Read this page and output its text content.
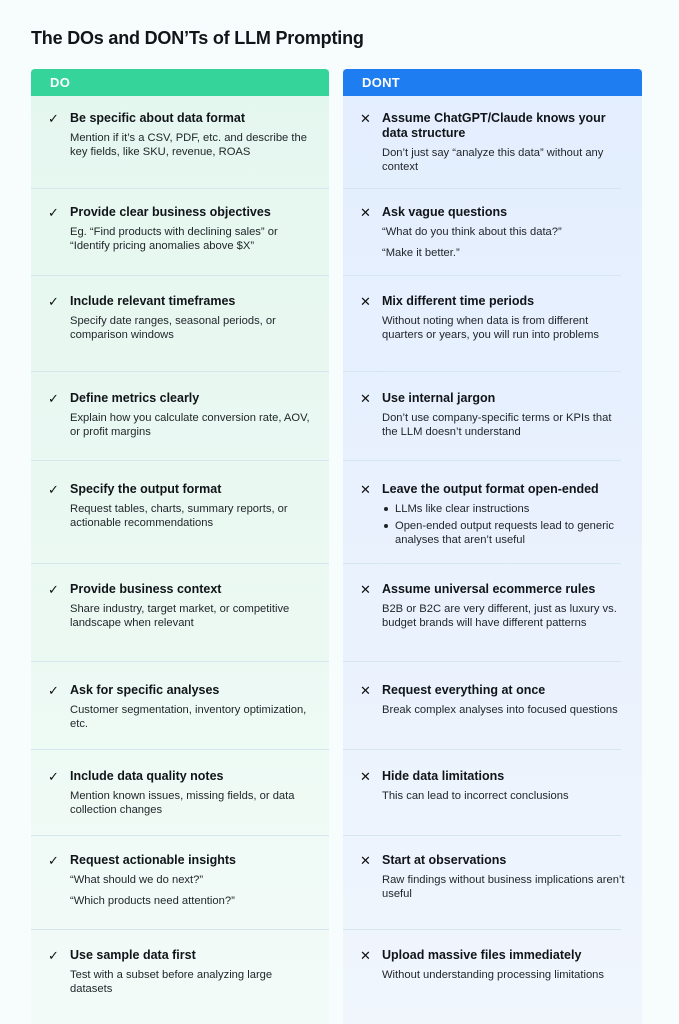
The DOs and DON’Ts of LLM Prompting
DO	DONT
✓ Be specific about data format
Mention if it’s a CSV, PDF, etc. and describe the key fields, like SKU, revenue, ROAS
✓ Provide clear business objectives
Eg. “Find products with declining sales” or “Identify pricing anomalies above $X”
✓ Include relevant timeframes
Specify date ranges, seasonal periods, or comparison windows
✓ Define metrics clearly
Explain how you calculate conversion rate, AOV, or profit margins
✓ Specify the output format
Request tables, charts, summary reports, or actionable recommendations
✓ Provide business context
Share industry, target market, or competitive landscape when relevant
✓ Ask for specific analyses
Customer segmentation, inventory optimization, etc.
✓ Include data quality notes
Mention known issues, missing fields, or data collection changes
✓ Request actionable insights
“What should we do next?”
“Which products need attention?”
✓ Use sample data first
Test with a subset before analyzing large datasets
✕ Assume ChatGPT/Claude knows your data structure
Don’t just say “analyze this data” without any context
✕ Ask vague questions
“What do you think about this data?”
“Make it better.”
✕ Mix different time periods
Without noting when data is from different quarters or years, you will run into problems
✕ Use internal jargon
Don’t use company-specific terms or KPIs that the LLM doesn’t understand
✕ Leave the output format open-ended
LLMs like clear instructions
Open-ended output requests lead to generic analyses that aren’t useful
✕ Assume universal ecommerce rules
B2B or B2C are very different, just as luxury vs. budget brands will have different patterns
✕ Request everything at once
Break complex analyses into focused questions
✕ Hide data limitations
This can lead to incorrect conclusions
✕ Start at observations
Raw findings without business implications aren’t useful
✕ Upload massive files immediately
Without understanding processing limitations
